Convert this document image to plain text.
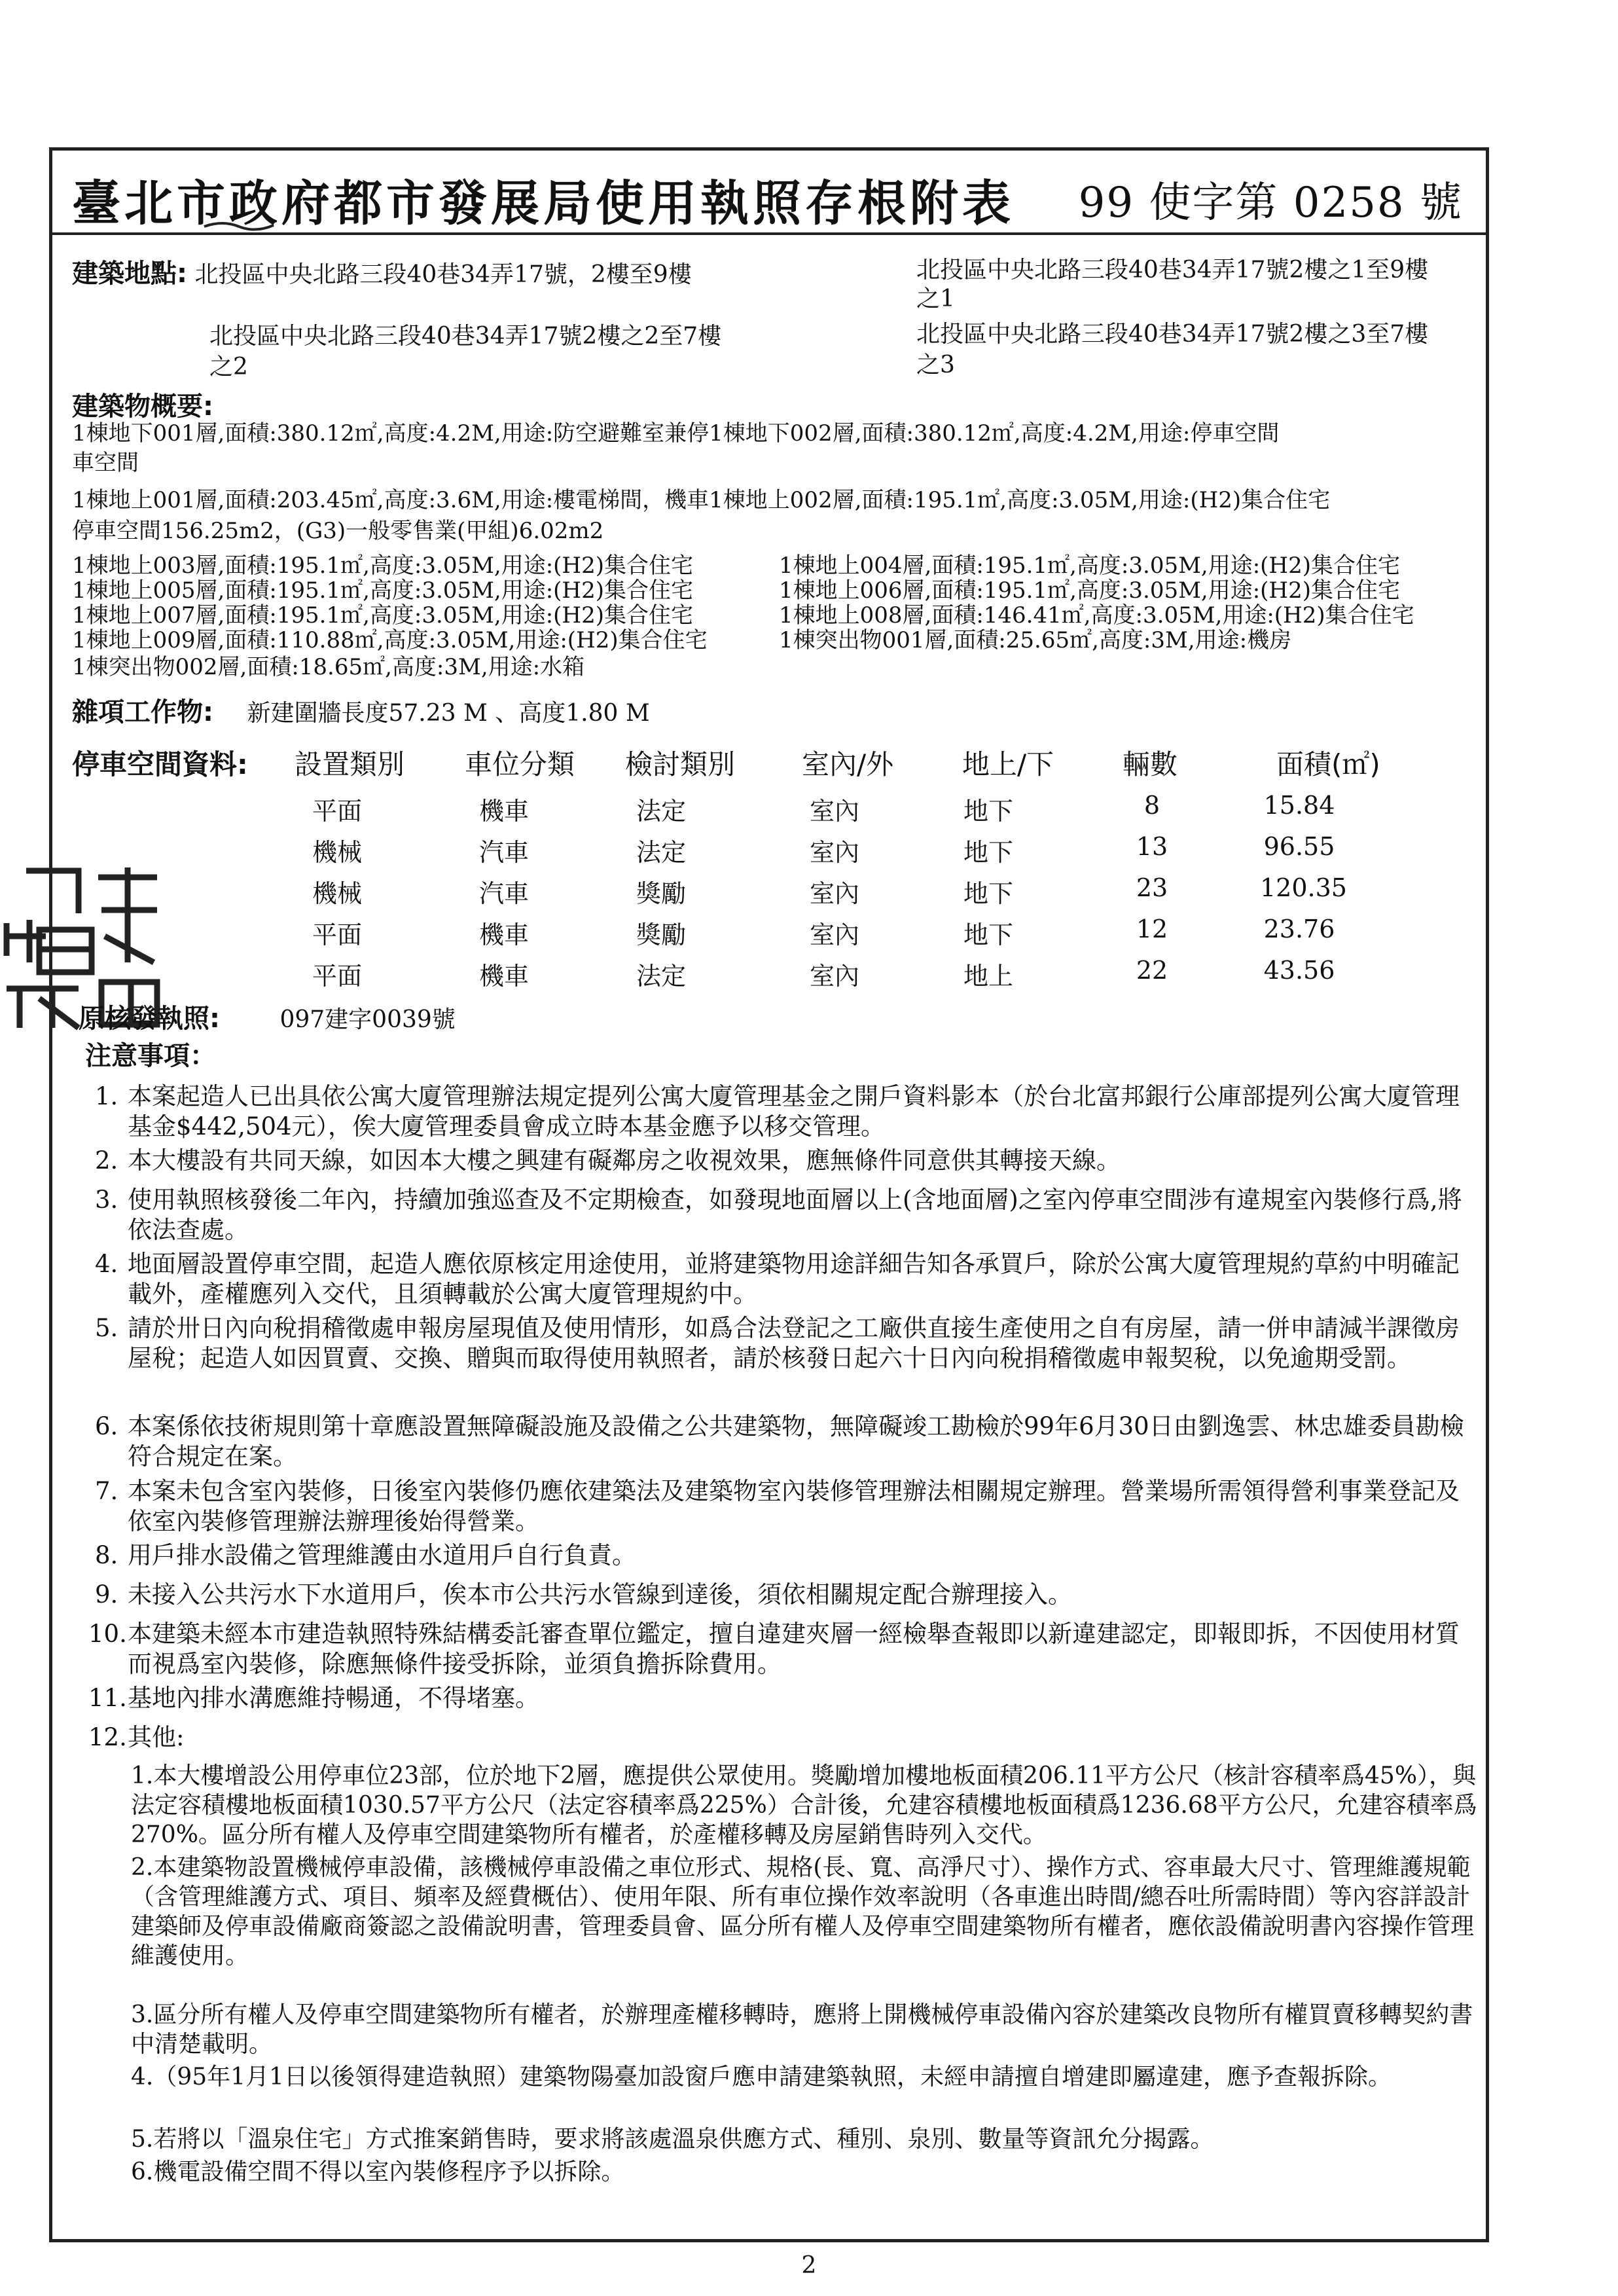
臺北市政府都市發展局使用執照存根附表 99 使字第 0258 號
建築地點: 北投區中央北路三段40巷34弄17號，2樓至9樓	北投區中央北路三段40巷34弄17號2樓之1至9樓
之1
北投區中央北路三段40巷34弄17號2樓之2至7樓
之2
北投區中央北路三段40巷34弄17號2樓之3至7樓
之3
建築物概要:
1棟地下001層,面積:380.12㎡,高度:4.2M,用途:防空避難室兼停1棟地下002層,面積:380.12㎡,高度:4.2M,用途:停車空間
車空間
1棟地上001層,面積:203.45㎡,高度:3.6M,用途:樓電梯間，機車1棟地上002層,面積:195.1㎡,高度:3.05M,用途:(H2)集合住宅
停車空間156.25m2，(G3)一般零售業(甲組)6.02m2
1棟地上003層,面積:195.1㎡,高度:3.05M,用途:(H2)集合住宅	1棟地上004層,面積:195.1㎡,高度:3.05M,用途:(H2)集合住宅
1棟地上005層,面積:195.1㎡,高度:3.05M,用途:(H2)集合住宅	1棟地上006層,面積:195.1㎡,高度:3.05M,用途:(H2)集合住宅
1棟地上007層,面積:195.1㎡,高度:3.05M,用途:(H2)集合住宅	1棟地上008層,面積:146.41㎡,高度:3.05M,用途:(H2)集合住宅
1棟地上009層,面積:110.88㎡,高度:3.05M,用途:(H2)集合住宅	1棟突出物001層,面積:25.65㎡,高度:3M,用途:機房
1棟突出物002層,面積:18.65㎡,高度:3M,用途:水箱
雜項工作物: 新建圍牆長度57.23 M 、高度1.80 M
停車空間資料: 設置類別 車位分類 檢討類別 室內/外 地上/下 輛數	面積(㎡)
平面	機車	法定	室內	地下	8	15.84
機械	汽車	法定	室內	地下	13	96.55
機械	汽車	獎勵	室內	地下	23	120.35
平面	機車	獎勵	室內	地下	12	23.76
平面	機車	法定	室內	地上	22	43.56
原核發執照:	097建字0039號
注意事項：
1. 本案起造人已出具依公寓大廈管理辦法規定提列公寓大廈管理基金之開戶資料影本（於台北富邦銀行公庫部提列公寓大廈管理基金$442,504元），俟大廈管理委員會成立時本基金應予以移交管理。
2. 本大樓設有共同天線，如因本大樓之興建有礙鄰房之收視效果，應無條件同意供其轉接天線。
3. 使用執照核發後二年內，持續加強巡查及不定期檢查，如發現地面層以上(含地面層)之室內停車空間涉有違規室內裝修行爲,將依法查處。
4. 地面層設置停車空間，起造人應依原核定用途使用，並將建築物用途詳細告知各承買戶，除於公寓大廈管理規約草約中明確記載外，產權應列入交代，且須轉載於公寓大廈管理規約中。
5. 請於卅日內向稅捐稽徵處申報房屋現值及使用情形，如爲合法登記之工廠供直接生產使用之自有房屋，請一併申請減半課徵房屋稅；起造人如因買賣、交換、贈與而取得使用執照者，請於核發日起六十日內向稅捐稽徵處申報契稅，以免逾期受罰。
6. 本案係依技術規則第十章應設置無障礙設施及設備之公共建築物，無障礙竣工勘檢於99年6月30日由劉逸雲、林忠雄委員勘檢符合規定在案。
7. 本案未包含室內裝修，日後室內裝修仍應依建築法及建築物室內裝修管理辦法相關規定辦理。營業場所需領得營利事業登記及依室內裝修管理辦法辦理後始得營業。
8. 用戶排水設備之管理維護由水道用戶自行負責。
9. 未接入公共污水下水道用戶，俟本市公共污水管線到達後，須依相關規定配合辦理接入。
10. 本建築未經本市建造執照特殊結構委託審查單位鑑定，擅自違建夾層一經檢舉查報即以新違建認定，即報即拆，不因使用材質而視爲室內裝修，除應無條件接受拆除，並須負擔拆除費用。
11. 基地內排水溝應維持暢通，不得堵塞。
12. 其他:
1.本大樓增設公用停車位23部，位於地下2層，應提供公眾使用。獎勵增加樓地板面積206.11平方公尺（核計容積率爲45%），與法定容積樓地板面積1030.57平方公尺（法定容積率爲225%）合計後，允建容積樓地板面積爲1236.68平方公尺，允建容積率爲270%。區分所有權人及停車空間建築物所有權者，於產權移轉及房屋銷售時列入交代。
2.本建築物設置機械停車設備，該機械停車設備之車位形式、規格(長、寬、高淨尺寸）、操作方式、容車最大尺寸、管理維護規範（含管理維護方式、項目、頻率及經費概估）、使用年限、所有車位操作效率說明（各車進出時間/總吞吐所需時間）等內容詳設計建築師及停車設備廠商簽認之設備說明書，管理委員會、區分所有權人及停車空間建築物所有權者，應依設備說明書內容操作管理維護使用。
3.區分所有權人及停車空間建築物所有權者，於辦理產權移轉時，應將上開機械停車設備內容於建築改良物所有權買賣移轉契約書中清楚載明。
4.（95年1月1日以後領得建造執照）建築物陽臺加設窗戶應申請建築執照，未經申請擅自增建即屬違建，應予查報拆除。
5.若將以「溫泉住宅」方式推案銷售時，要求將該處溫泉供應方式、種別、泉別、數量等資訊允分揭露。
6.機電設備空間不得以室內裝修程序予以拆除。
2
